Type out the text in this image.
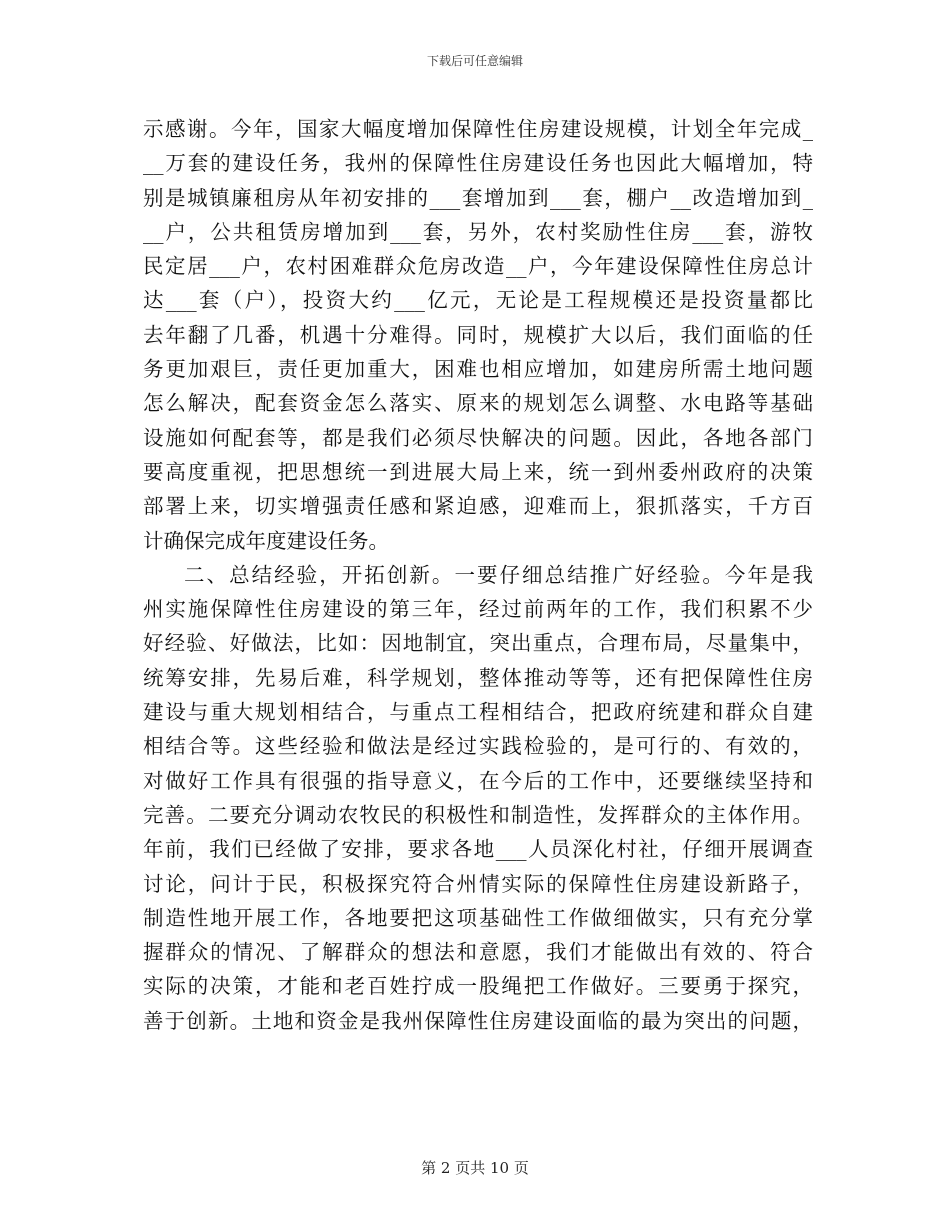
下载后可任意编辑
示感谢。今年，国家大幅度增加保障性住房建设规模，计划全年完成_
__万套的建设任务，我州的保障性住房建设任务也因此大幅增加，特
别是城镇廉租房从年初安排的___套增加到___套，棚户__改造增加到_
__户，公共租赁房增加到___套，另外，农村奖励性住房___套，游牧
民定居___户，农村困难群众危房改造__户，今年建设保障性住房总计
达___套（户），投资大约___亿元，无论是工程规模还是投资量都比
去年翻了几番，机遇十分难得。同时，规模扩大以后，我们面临的任
务更加艰巨，责任更加重大，困难也相应增加，如建房所需土地问题
怎么解决，配套资金怎么落实、原来的规划怎么调整、水电路等基础
设施如何配套等，都是我们必须尽快解决的问题。因此，各地各部门
要高度重视，把思想统一到进展大局上来，统一到州委州政府的决策
部署上来，切实增强责任感和紧迫感，迎难而上，狠抓落实，千方百
计确保完成年度建设任务。
二、总结经验，开拓创新。一要仔细总结推广好经验。今年是我
州实施保障性住房建设的第三年，经过前两年的工作，我们积累不少
好经验、好做法，比如：因地制宜，突出重点，合理布局，尽量集中，
统筹安排，先易后难，科学规划，整体推动等等，还有把保障性住房
建设与重大规划相结合，与重点工程相结合，把政府统建和群众自建
相结合等。这些经验和做法是经过实践检验的，是可行的、有效的，
对做好工作具有很强的指导意义，在今后的工作中，还要继续坚持和
完善。二要充分调动农牧民的积极性和制造性，发挥群众的主体作用。
年前，我们已经做了安排，要求各地___人员深化村社，仔细开展调查
讨论，问计于民，积极探究符合州情实际的保障性住房建设新路子，
制造性地开展工作，各地要把这项基础性工作做细做实，只有充分掌
握群众的情况、了解群众的想法和意愿，我们才能做出有效的、符合
实际的决策，才能和老百姓拧成一股绳把工作做好。三要勇于探究，
善于创新。土地和资金是我州保障性住房建设面临的最为突出的问题，
第 2 页共 10 页
